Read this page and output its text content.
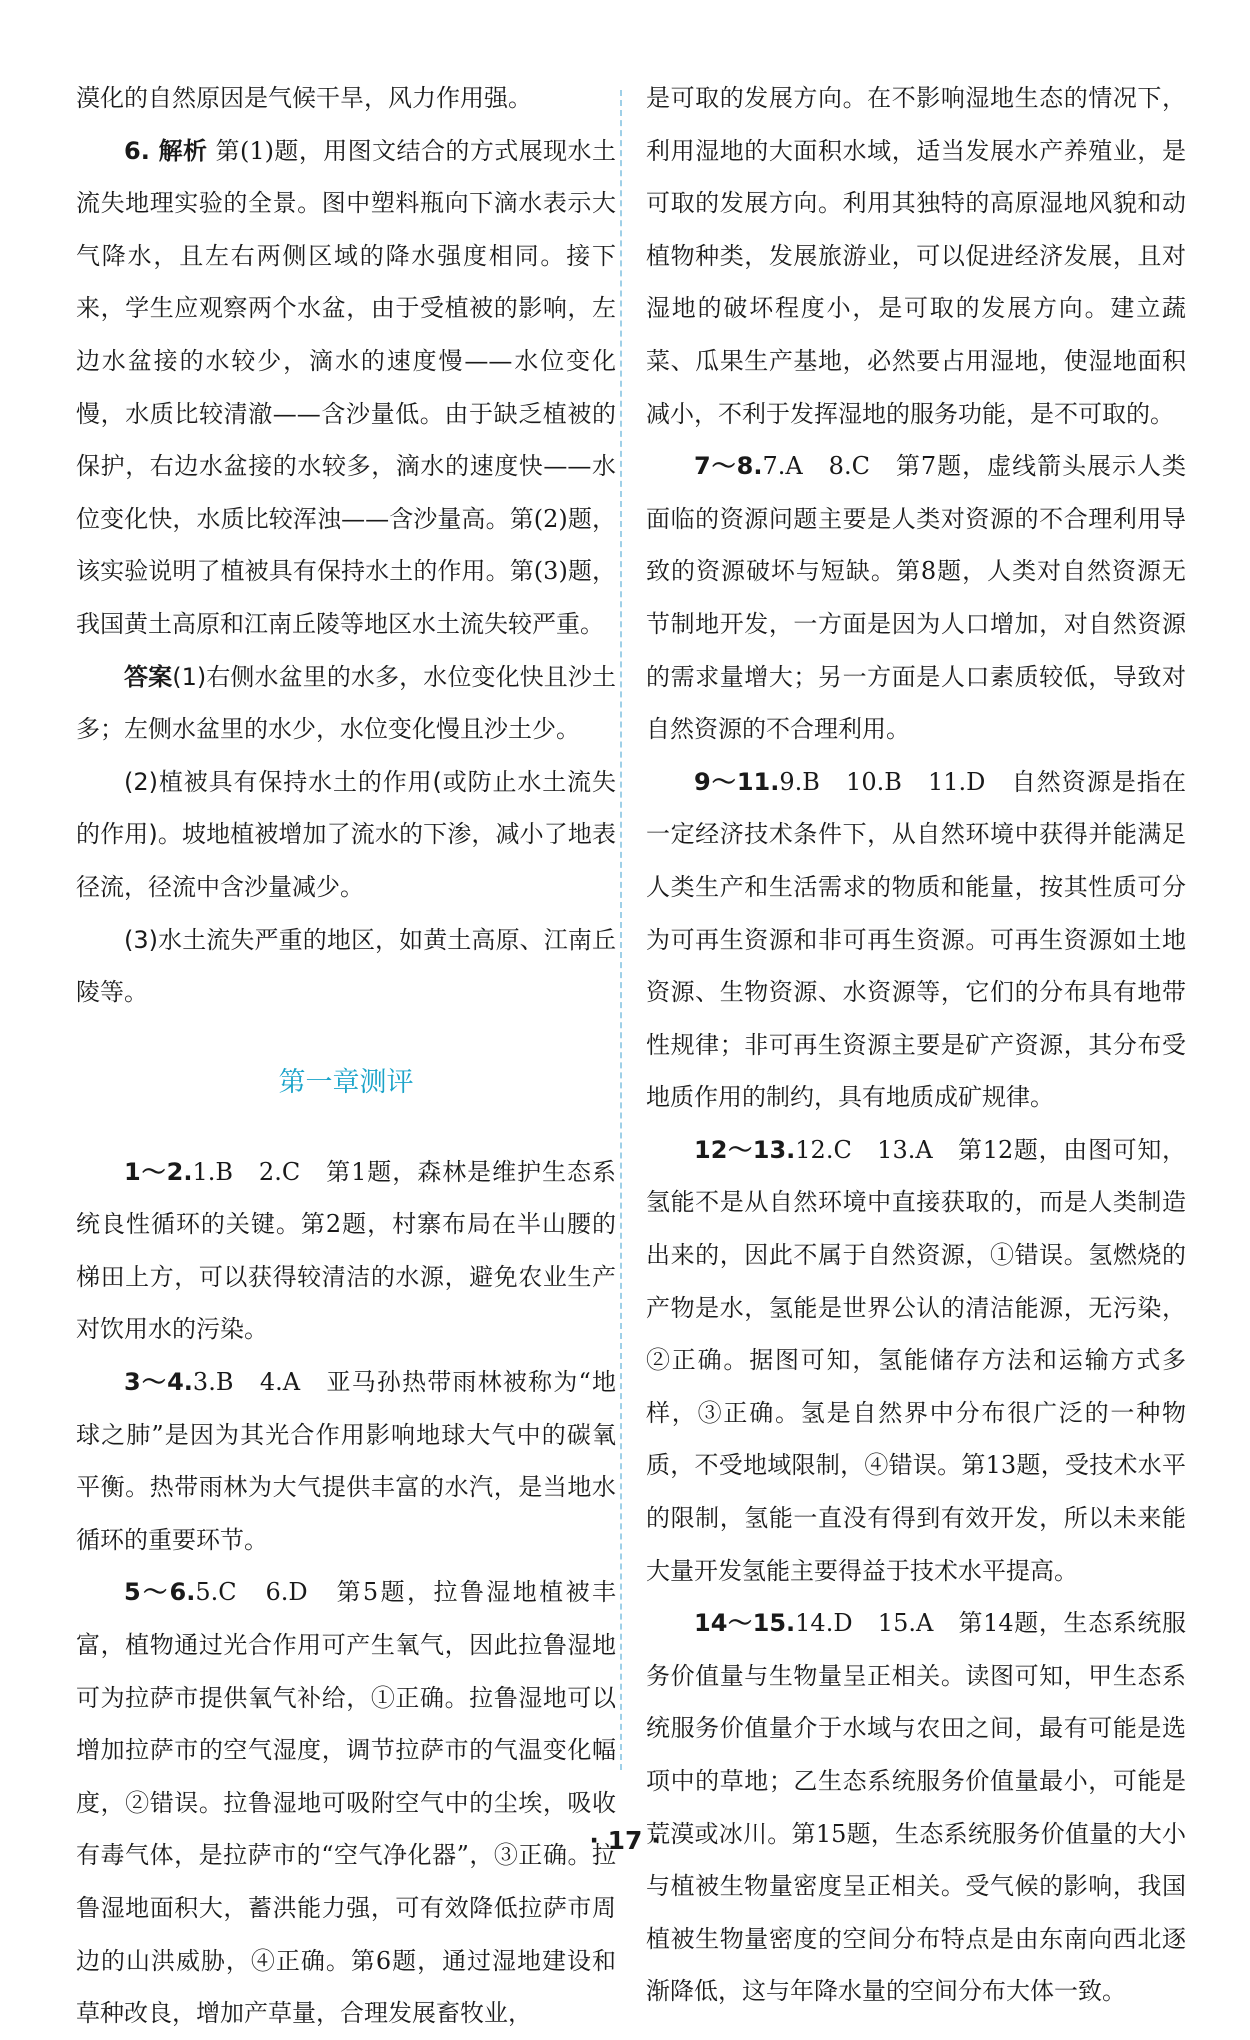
漠化的自然原因是气候干旱，风力作用强。

6. 解析 第(1)题，用图文结合的方式展现水土流失地理实验的全景。图中塑料瓶向下滴水表示大气降水，且左右两侧区域的降水强度相同。接下来，学生应观察两个水盆，由于受植被的影响，左边水盆接的水较少，滴水的速度慢——水位变化慢，水质比较清澈——含沙量低。由于缺乏植被的保护，右边水盆接的水较多，滴水的速度快——水位变化快，水质比较浑浊——含沙量高。第(2)题，该实验说明了植被具有保持水土的作用。第(3)题，我国黄土高原和江南丘陵等地区水土流失较严重。

答案(1)右侧水盆里的水多，水位变化快且沙土多；左侧水盆里的水少，水位变化慢且沙土少。

(2)植被具有保持水土的作用(或防止水土流失的作用)。坡地植被增加了流水的下渗，减小了地表径流，径流中含沙量减少。

(3)水土流失严重的地区，如黄土高原、江南丘陵等。

第一章测评

1～2.1.B　2.C　第1题，森林是维护生态系统良性循环的关键。第2题，村寨布局在半山腰的梯田上方，可以获得较清洁的水源，避免农业生产对饮用水的污染。

3～4.3.B　4.A　亚马孙热带雨林被称为“地球之肺”是因为其光合作用影响地球大气中的碳氧平衡。热带雨林为大气提供丰富的水汽，是当地水循环的重要环节。

5～6.5.C　6.D　第5题，拉鲁湿地植被丰富，植物通过光合作用可产生氧气，因此拉鲁湿地可为拉萨市提供氧气补给，①正确。拉鲁湿地可以增加拉萨市的空气湿度，调节拉萨市的气温变化幅度，②错误。拉鲁湿地可吸附空气中的尘埃，吸收有毒气体，是拉萨市的“空气净化器”，③正确。拉鲁湿地面积大，蓄洪能力强，可有效降低拉萨市周边的山洪威胁，④正确。第6题，通过湿地建设和草种改良，增加产草量，合理发展畜牧业，

是可取的发展方向。在不影响湿地生态的情况下，利用湿地的大面积水域，适当发展水产养殖业，是可取的发展方向。利用其独特的高原湿地风貌和动植物种类，发展旅游业，可以促进经济发展，且对湿地的破坏程度小，是可取的发展方向。建立蔬菜、瓜果生产基地，必然要占用湿地，使湿地面积减小，不利于发挥湿地的服务功能，是不可取的。

7～8.7.A　8.C　第7题，虚线箭头展示人类面临的资源问题主要是人类对资源的不合理利用导致的资源破坏与短缺。第8题，人类对自然资源无节制地开发，一方面是因为人口增加，对自然资源的需求量增大；另一方面是人口素质较低，导致对自然资源的不合理利用。

9～11.9.B　10.B　11.D　自然资源是指在一定经济技术条件下，从自然环境中获得并能满足人类生产和生活需求的物质和能量，按其性质可分为可再生资源和非可再生资源。可再生资源如土地资源、生物资源、水资源等，它们的分布具有地带性规律；非可再生资源主要是矿产资源，其分布受地质作用的制约，具有地质成矿规律。

12～13.12.C　13.A　第12题，由图可知，氢能不是从自然环境中直接获取的，而是人类制造出来的，因此不属于自然资源，①错误。氢燃烧的产物是水，氢能是世界公认的清洁能源，无污染，②正确。据图可知，氢能储存方法和运输方式多样，③正确。氢是自然界中分布很广泛的一种物质，不受地域限制，④错误。第13题，受技术水平的限制，氢能一直没有得到有效开发，所以未来能大量开发氢能主要得益于技术水平提高。

14～15.14.D　15.A　第14题，生态系统服务价值量与生物量呈正相关。读图可知，甲生态系统服务价值量介于水域与农田之间，最有可能是选项中的草地；乙生态系统服务价值量最小，可能是荒漠或冰川。第15题，生态系统服务价值量的大小与植被生物量密度呈正相关。受气候的影响，我国植被生物量密度的空间分布特点是由东南向西北逐渐降低，这与年降水量的空间分布大体一致。

· 17 ·
